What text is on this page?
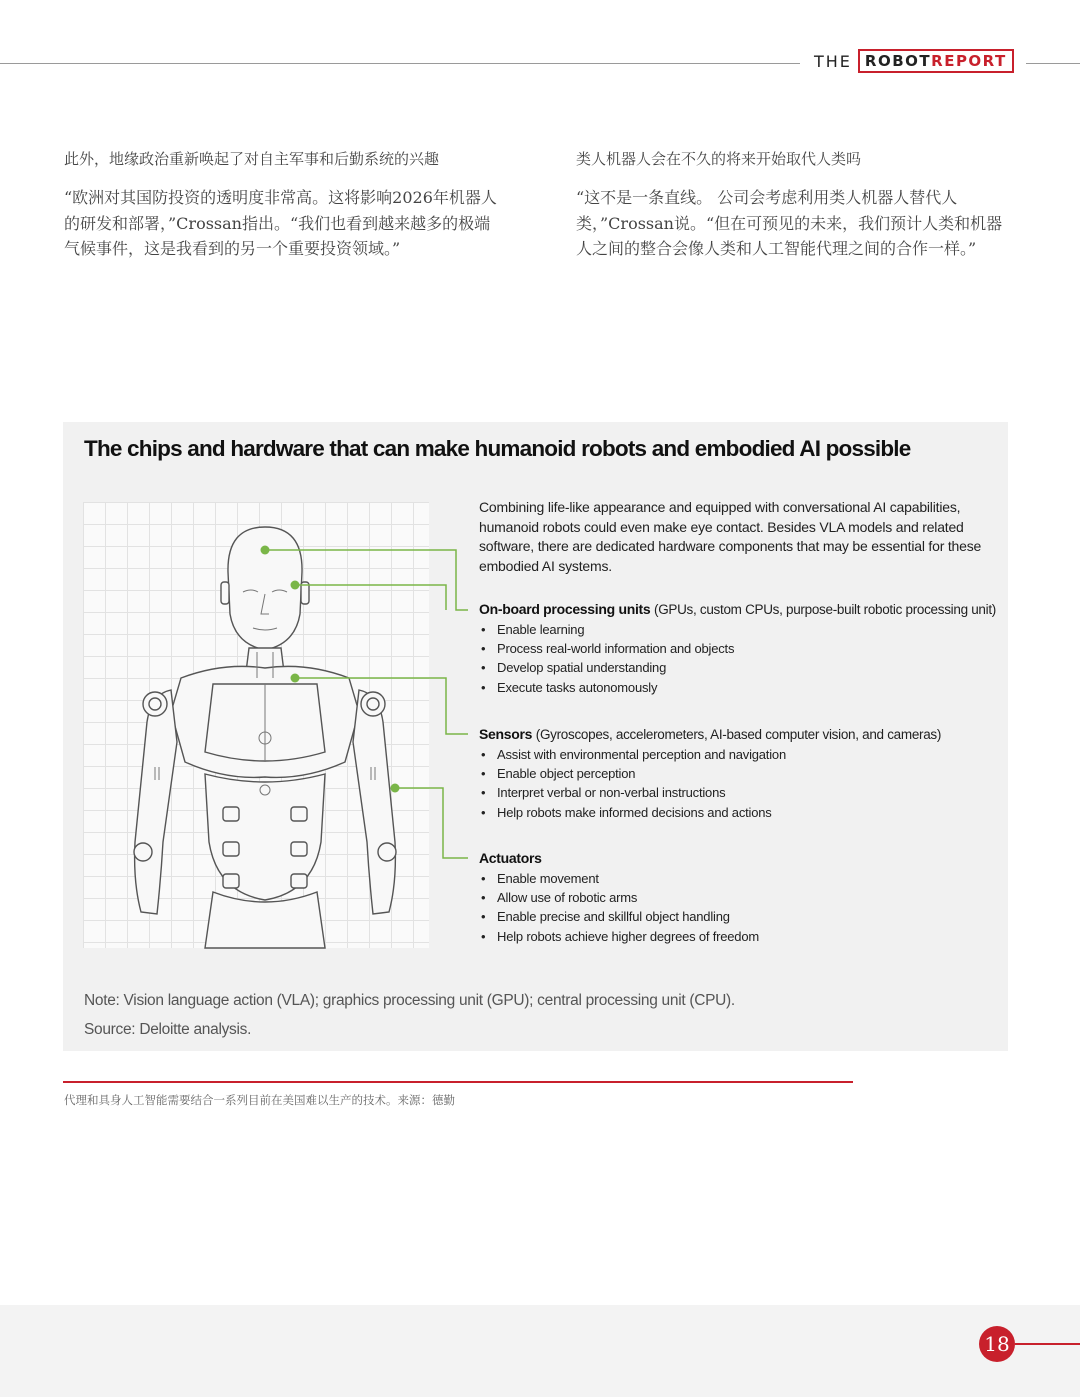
THE ROBOTREPORT
此外，地缘政治重新唤起了对自主军事和后勤系统的兴趣
“欧洲对其国防投资的透明度非常高。这将影响2026年机器人的研发和部署，”Crossan指出。“我们也看到越来越多的极端气候事件，这是我看到的另一个重要投资领域。”
类人机器人会在不久的将来开始取代人类吗
“这不是一条直线。 公司会考虑利用类人机器人替代人类，”Crossan说。“但在可预见的未来，我们预计人类和机器人之间的整合会像人类和人工智能代理之间的合作一样。”
The chips and hardware that can make humanoid robots and embodied AI possible
Combining life-like appearance and equipped with conversational AI capabilities, humanoid robots could even make eye contact. Besides VLA models and related software, there are dedicated hardware components that may be essential for these embodied AI systems.
On-board processing units (GPUs, custom CPUs, purpose-built robotic processing unit)
• Enable learning
• Process real-world information and objects
• Develop spatial understanding
• Execute tasks autonomously
Sensors (Gyroscopes, accelerometers, AI-based computer vision, and cameras)
• Assist with environmental perception and navigation
• Enable object perception
• Interpret verbal or non-verbal instructions
• Help robots make informed decisions and actions
Actuators
• Enable movement
• Allow use of robotic arms
• Enable precise and skillful object handling
• Help robots achieve higher degrees of freedom
Note: Vision language action (VLA); graphics processing unit (GPU); central processing unit (CPU).
Source: Deloitte analysis.
代理和具身人工智能需要结合一系列目前在美国难以生产的技术。来源：德勤
18
